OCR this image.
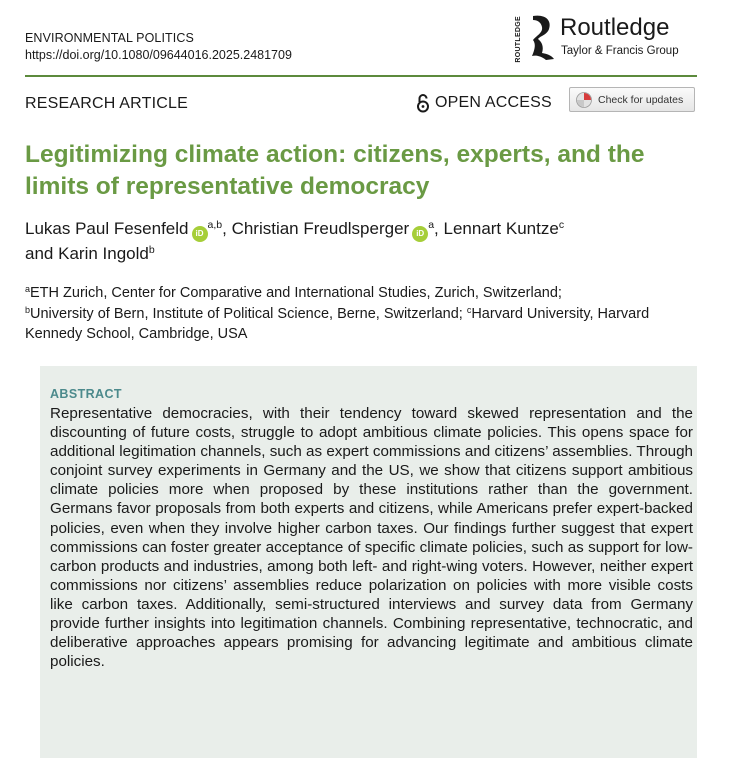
ENVIRONMENTAL POLITICS
https://doi.org/10.1080/09644016.2025.2481709	ROUTLEDGE Routledge
Taylor & Francis Group
RESEARCH ARTICLE	OPEN ACCESS	Check for updates
Legitimizing climate action: citizens, experts, and the limits of representative democracy
Lukas Paul Fesenfeld iD$^{a,b}$, Christian Freudlsperger $iD^a$, Lennart Kuntze$^c$
and Karin Ingold$^b$
$^a$ETH Zurich, Center for Comparative and International Studies, Zurich, Switzerland;
$^b$University of Bern, Institute of Political Science, Berne, Switzerland; $^c$Harvard University, Harvard Kennedy School, Cambridge, USA
ABSTRACT
Representative democracies, with their tendency toward skewed representation and the discounting of future costs, struggle to adopt ambitious climate policies. This opens space for additional legitimation channels, such as expert commissions and citizens’ assemblies. Through conjoint survey experiments in Germany and the US, we show that citizens support ambitious climate policies more when proposed by these institutions rather than the government. Germans favor proposals from both experts and citizens, while Americans prefer expert-backed policies, even when they involve higher carbon taxes. Our findings further suggest that expert commissions can foster greater acceptance of specific climate policies, such as support for low-carbon products and industries, among both left- and right-wing voters. However, neither expert commissions nor citizens’ assemblies reduce polarization on policies with more visible costs like carbon taxes. Additionally, semi-structured interviews and survey data from Germany provide further insights into legitimation channels. Combining representative, technocratic, and deliberative approaches appears promising for advancing legitimate and ambitious climate policies.
